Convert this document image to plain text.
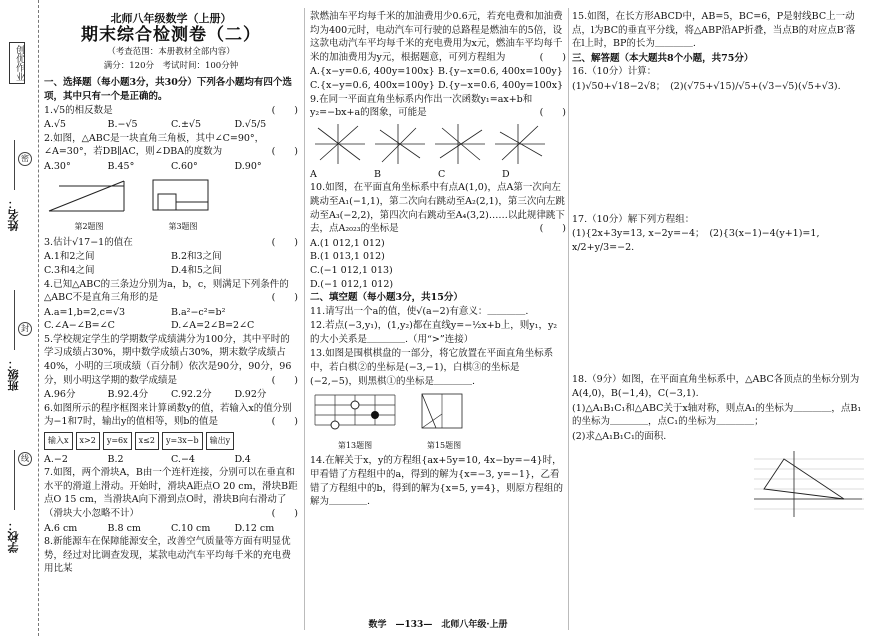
创优作业
姓名：
班级：
学校：
密
封
线

北师八年级数学（上册）

期末综合检测卷（二）

（考查范围：本册教材全部内容）

满分：120分　考试时间：100分钟

一、选择题（每小题3分，共30分）下列各小题均有四个选项，其中只有一个是正确的。

1.√5的相反数是	(　　)

A.√5	B.−√5	C.±√5	D.√5/5

2.如图，△ABC是一块直角三角板，其中∠C=90°，∠A=30°，若DB∥AC，则∠DBA的度数为	(　　)

A.30°	B.45°	C.60°	D.90°
第2题图	第3题图

3.估计√17−1的值在	(　　)

A.1和2之间	B.2和3之间
C.3和4之间	D.4和5之间

4.已知△ABC的三条边分别为a，b，c，则满足下列条件的△ABC不是直角三角形的是	(　　)

A.a=1,b=2,c=√3	B.a²−c²=b²
C.∠A−∠B=∠C	D.∠A=2∠B=2∠C

5.学校规定学生的学期数学成绩满分为100分，其中平时的学习成绩占30%，期中数学成绩占30%，期末数学成绩占40%，小明的三项成绩（百分制）依次是90分，90分，96分，则小明这学期的数学成绩是	(　　)

A.96分	B.92.4分	C.92.2分	D.92分

6.如图所示的程序框图来计算函数y的值，若输入x的值分别为−1和7时，输出y的值相等，则b的值是	(　　)

输入x	x>2	y=6x	x≤2	y=3x−b	输出y
A.−2	B.2	C.−4	D.4

7.如图，两个滑块A，B由一个连杆连接，分别可以在垂直和水平的滑道上滑动。开始时，滑块A距点O 20 cm，滑块B距点O 15 cm，当滑块A向下滑到点O时，滑块B向右滑动了（滑块大小忽略不计）	(　　)

A.6 cm	B.8 cm	C.10 cm	D.12 cm

8.新能源车在保障能源安全，改善空气质量等方面有明显优势，经过对比调查发现，某款电动汽车平均每千米的充电费用比某

款燃油车平均每千米的加油费用少0.6元，若充电费和加油费均为400元时，电动汽车可行驶的总路程是燃油车的5倍，设这款电动汽车平均每千米的充电费用为x元，燃油车平均每千米的加油费用为y元，根据题意，可列方程组为	(　　)

A.{x−y=0.6, 400y=100x} B.{y−x=0.6, 400x=100y}
C.{x−y=0.6, 400x=100y} D.{y−x=0.6, 400y=100x}

9.在同一平面直角坐标系内作出一次函数y₁=ax+b和y₂=−bx+a的图象，可能是	(　　)

A	B	C	D

10.如图，在平面直角坐标系中有点A(1,0)，点A第一次向左跳动至A₁(−1,1)，第二次向右跳动至A₂(2,1)，第三次向左跳动至A₃(−2,2)，第四次向右跳动至A₄(3,2)……以此规律跳下去，点A₂₀₂₃的坐标是	(　　)

A.(1 012,1 012)
B.(1 013,1 012)
C.(−1 012,1 013)
D.(−1 012,1 012)

二、填空题（每小题3分，共15分）

11.请写出一个a的值，使√(a−2)有意义：＿＿＿＿.

12.若点(−3,y₁)，(1,y₂)都在直线y=−½x+b上，则y₁，y₂的大小关系是＿＿＿＿.（用“>”连接）

13.如图是围棋棋盘的一部分，将它放置在平面直角坐标系中，若白棋②的坐标是(−3,−1)，白棋③的坐标是(−2,−5)，则黑棋①的坐标是＿＿＿＿.

第13题图	第15题图

14.在解关于x，y的方程组{ax+5y=10, 4x−by=−4}时，甲看错了方程组中的a，得到的解为{x=−3, y=−1}，乙看错了方程组中的b，得到的解为{x=5, y=4}，则原方程组的解为＿＿＿＿.

15.如图，在长方形ABCD中，AB=5，BC=6，P是射线BC上一动点，l为BC的垂直平分线，将△ABP沿AP折叠，当点B的对应点B′落在l上时，BP的长为＿＿＿＿.

三、解答题（本大题共8个小题，共75分）

16.（10分）计算：

(1)√50+√18−2√8；　 (2)(√75+√15)/√5+(√3−√5)(√5+√3).

17.（10分）解下列方程组：

(1){2x+3y=13, x−2y=−4；　 (2){3(x−1)−4(y+1)=1, x/2+y/3=−2.

18.（9分）如图，在平面直角坐标系中，△ABC各顶点的坐标分别为A(4,0)，B(−1,4)，C(−3,1).

(1)△A₁B₁C₁和△ABC关于x轴对称，则点A₁的坐标为＿＿＿＿，点B₁的坐标为＿＿＿＿，点C₁的坐标为＿＿＿＿；

(2)求△A₁B₁C₁的面积.

数学　—133—　北师八年级·上册
